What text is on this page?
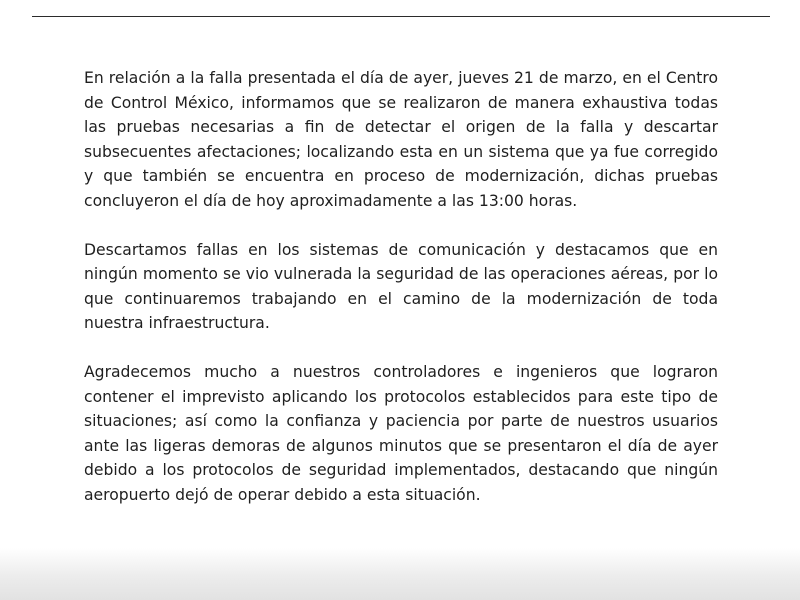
En relación a la falla presentada el día de ayer, jueves 21 de marzo, en el Centro de Control México, informamos que se realizaron de manera exhaustiva todas las pruebas necesarias a fin de detectar el origen de la falla y descartar subsecuentes afectaciones; localizando esta en un sistema que ya fue corregido y que también se encuentra en proceso de modernización, dichas pruebas concluyeron el día de hoy aproximadamente a las 13:00 horas.

Descartamos fallas en los sistemas de comunicación y destacamos que en ningún momento se vio vulnerada la seguridad de las operaciones aéreas, por lo que continuaremos trabajando en el camino de la modernización de toda nuestra infraestructura.

Agradecemos mucho a nuestros controladores e ingenieros que lograron contener el imprevisto aplicando los protocolos establecidos para este tipo de situaciones; así como la confianza y paciencia por parte de nuestros usuarios ante las ligeras demoras de algunos minutos que se presentaron el día de ayer debido a los protocolos de seguridad implementados, destacando que ningún aeropuerto dejó de operar debido a esta situación.
